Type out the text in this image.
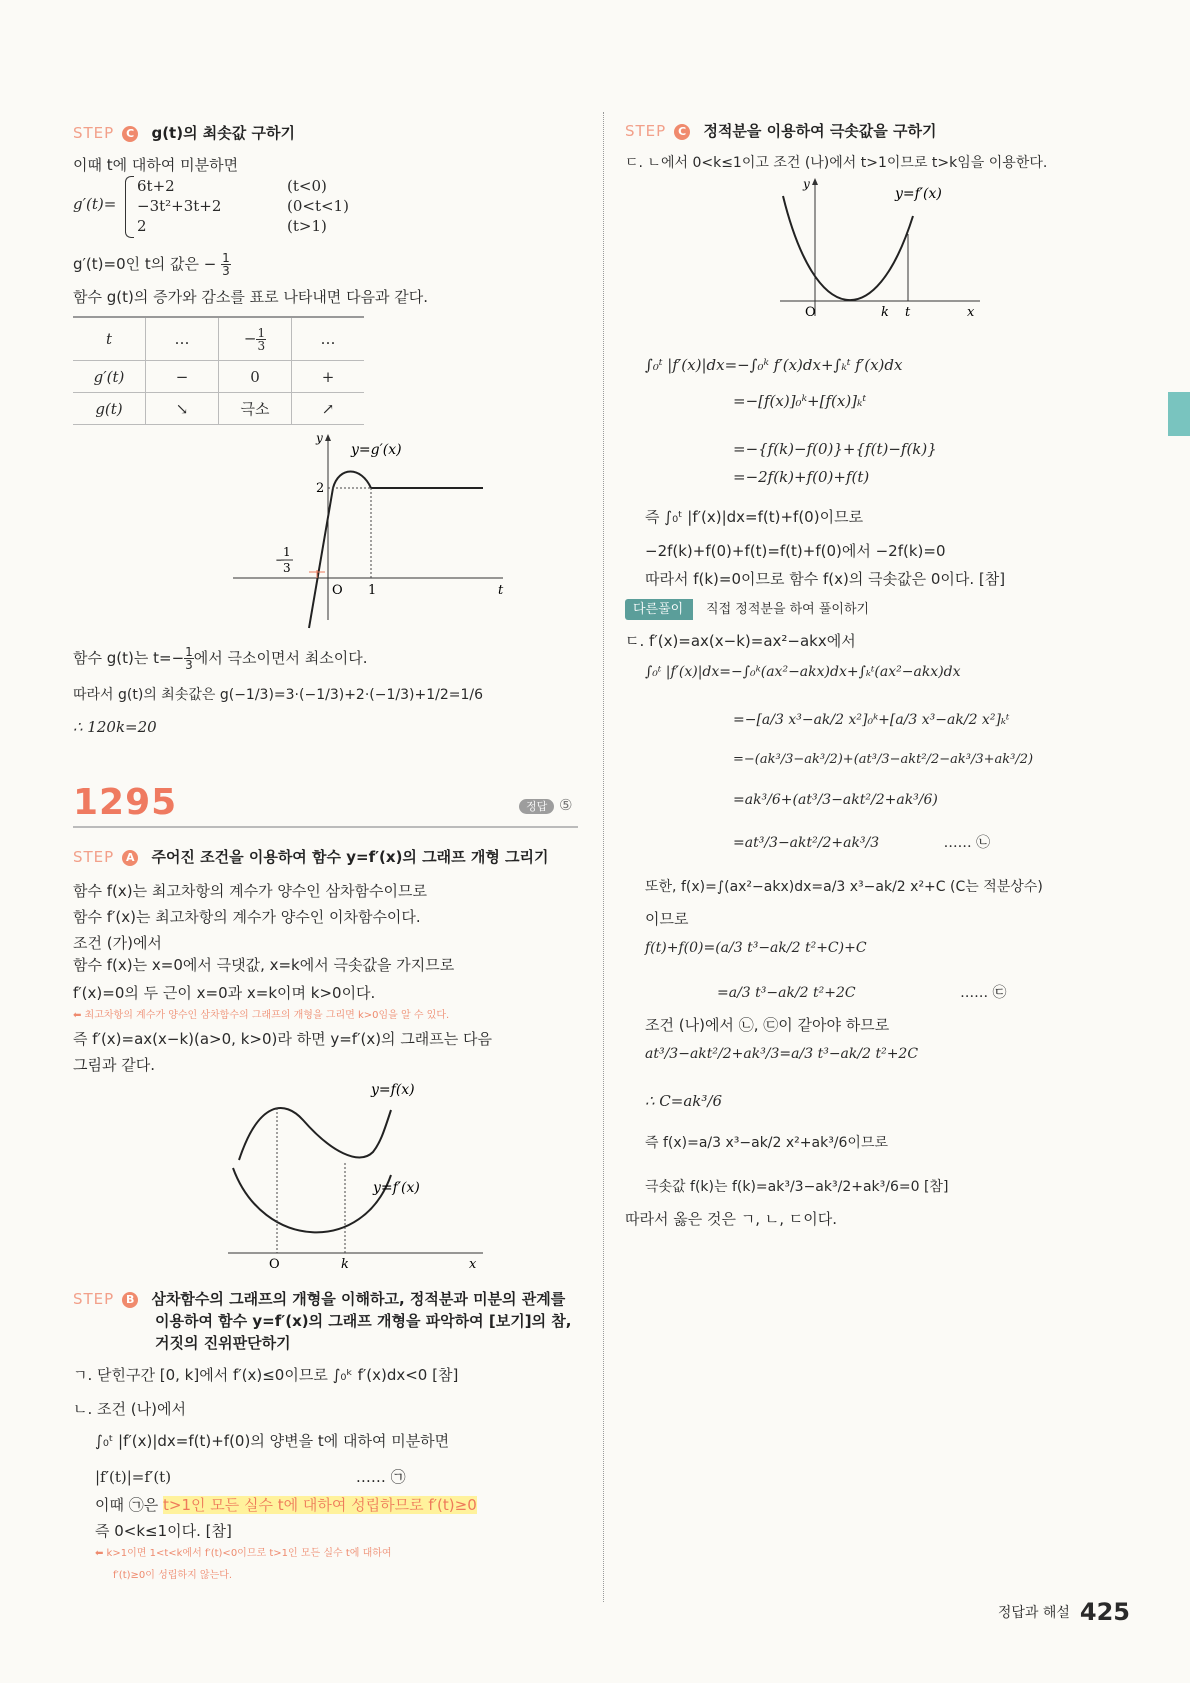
STEP C g(t)의 최솟값 구하기
이때 t에 대하여 미분하면
g′(t)=
6t+2	(t<0)
−3t²+3t+2	(0<t<1)
2	(t>1)
g′(t)=0인 t의 값은 − $\frac{1}{3}$
함수 g(t)의 증가와 감소를 표로 나타내면 다음과 같다.
t	…	− $\frac{1}{3}$	…
g′(t)	−	0	+
g(t)	↘	극소	↗
y
y=g′(x)
2
O 1	t
−
1
3
함수 g(t)는 $t=- \frac{1}{3}$ 에서 극소이면서 최소이다.
따라서 g(t)의 최솟값은 g(−1/3)=3·(−1/3)+2·(−1/3)+1/2=1/6
∴ 120k=20
1295	정답 ⑤
STEP A 주어진 조건을 이용하여 함수 y=f′(x)의 그래프 개형 그리기
함수 f(x)는 최고차항의 계수가 양수인 삼차함수이므로
함수 f′(x)는 최고차항의 계수가 양수인 이차함수이다.
조건 (가)에서
함수 f(x)는 x=0에서 극댓값, x=k에서 극솟값을 가지므로
f′(x)=0의 두 근이 x=0과 x=k이며 k>0이다.
⬅ 최고차항의 계수가 양수인 삼차함수의 그래프의 개형을 그리면 k>0임을 알 수 있다.
즉 f′(x)=ax(x−k)(a>0, k>0)라 하면 y=f′(x)의 그래프는 다음
그림과 같다.
y=f(x)
y=f′(x)
O	k	x
STEP B 삼차함수의 그래프의 개형을 이해하고, 정적분과 미분의 관계를
이용하여 함수 y=f′(x)의 그래프 개형을 파악하여 [보기]의 참,
거짓의 진위판단하기
ㄱ. 닫힌구간 [0, k]에서 f′(x)≤0이므로 ∫₀ᵏ f′(x)dx<0 [참]
ㄴ. 조건 (나)에서
∫₀ᵗ |f′(x)|dx=f(t)+f(0)의 양변을 t에 대하여 미분하면
|f′(t)|=f′(t)	…… ㉠
이때 ㉠은 t>1인 모든 실수 t에 대하여 성립하므로 f′(t)≥0
즉 0<k≤1이다. [참]
⬅ k>1이면 1<t<k에서 f′(t)<0이므로 t>1인 모든 실수 t에 대하여
f′(t)≥0이 성립하지 않는다.
STEP C 정적분을 이용하여 극솟값을 구하기
ㄷ. ㄴ에서 0<k≤1이고 조건 (나)에서 t>1이므로 t>k임을 이용한다.
y
y=f′(x)
O	k t	x
∫₀ᵗ |f′(x)|dx=−∫₀ᵏ f′(x)dx+∫ₖᵗ f′(x)dx
=−[f(x)]₀ᵏ+[f(x)]ₖᵗ
=−{f(k)−f(0)}+{f(t)−f(k)}
=−2f(k)+f(0)+f(t)
즉 ∫₀ᵗ |f′(x)|dx=f(t)+f(0)이므로
−2f(k)+f(0)+f(t)=f(t)+f(0)에서 −2f(k)=0
따라서 f(k)=0이므로 함수 f(x)의 극솟값은 0이다. [참]
다른풀이 직접 정적분을 하여 풀이하기
ㄷ. f′(x)=ax(x−k)=ax²−akx에서
∫₀ᵗ |f′(x)|dx=−∫₀ᵏ(ax²−akx)dx+∫ₖᵗ(ax²−akx)dx
=−[a/3 x³−ak/2 x²]₀ᵏ+[a/3 x³−ak/2 x²]ₖᵗ
=−(ak³/3−ak³/2)+(at³/3−akt²/2−ak³/3+ak³/2)
=ak³/6+(at³/3−akt²/2+ak³/6)
=at³/3−akt²/2+ak³/3	…… ㉡
또한, f(x)=∫(ax²−akx)dx=a/3 x³−ak/2 x²+C (C는 적분상수)
이므로
f(t)+f(0)=(a/3 t³−ak/2 t²+C)+C
=a/3 t³−ak/2 t²+2C	…… ㉢
조건 (나)에서 ㉡, ㉢이 같아야 하므로
at³/3−akt²/2+ak³/3=a/3 t³−ak/2 t²+2C
∴ C=ak³/6
즉 f(x)=a/3 x³−ak/2 x²+ak³/6이므로
극솟값 f(k)는 f(k)=ak³/3−ak³/2+ak³/6=0 [참]
따라서 옳은 것은 ㄱ, ㄴ, ㄷ이다.
정답과 해설 425
